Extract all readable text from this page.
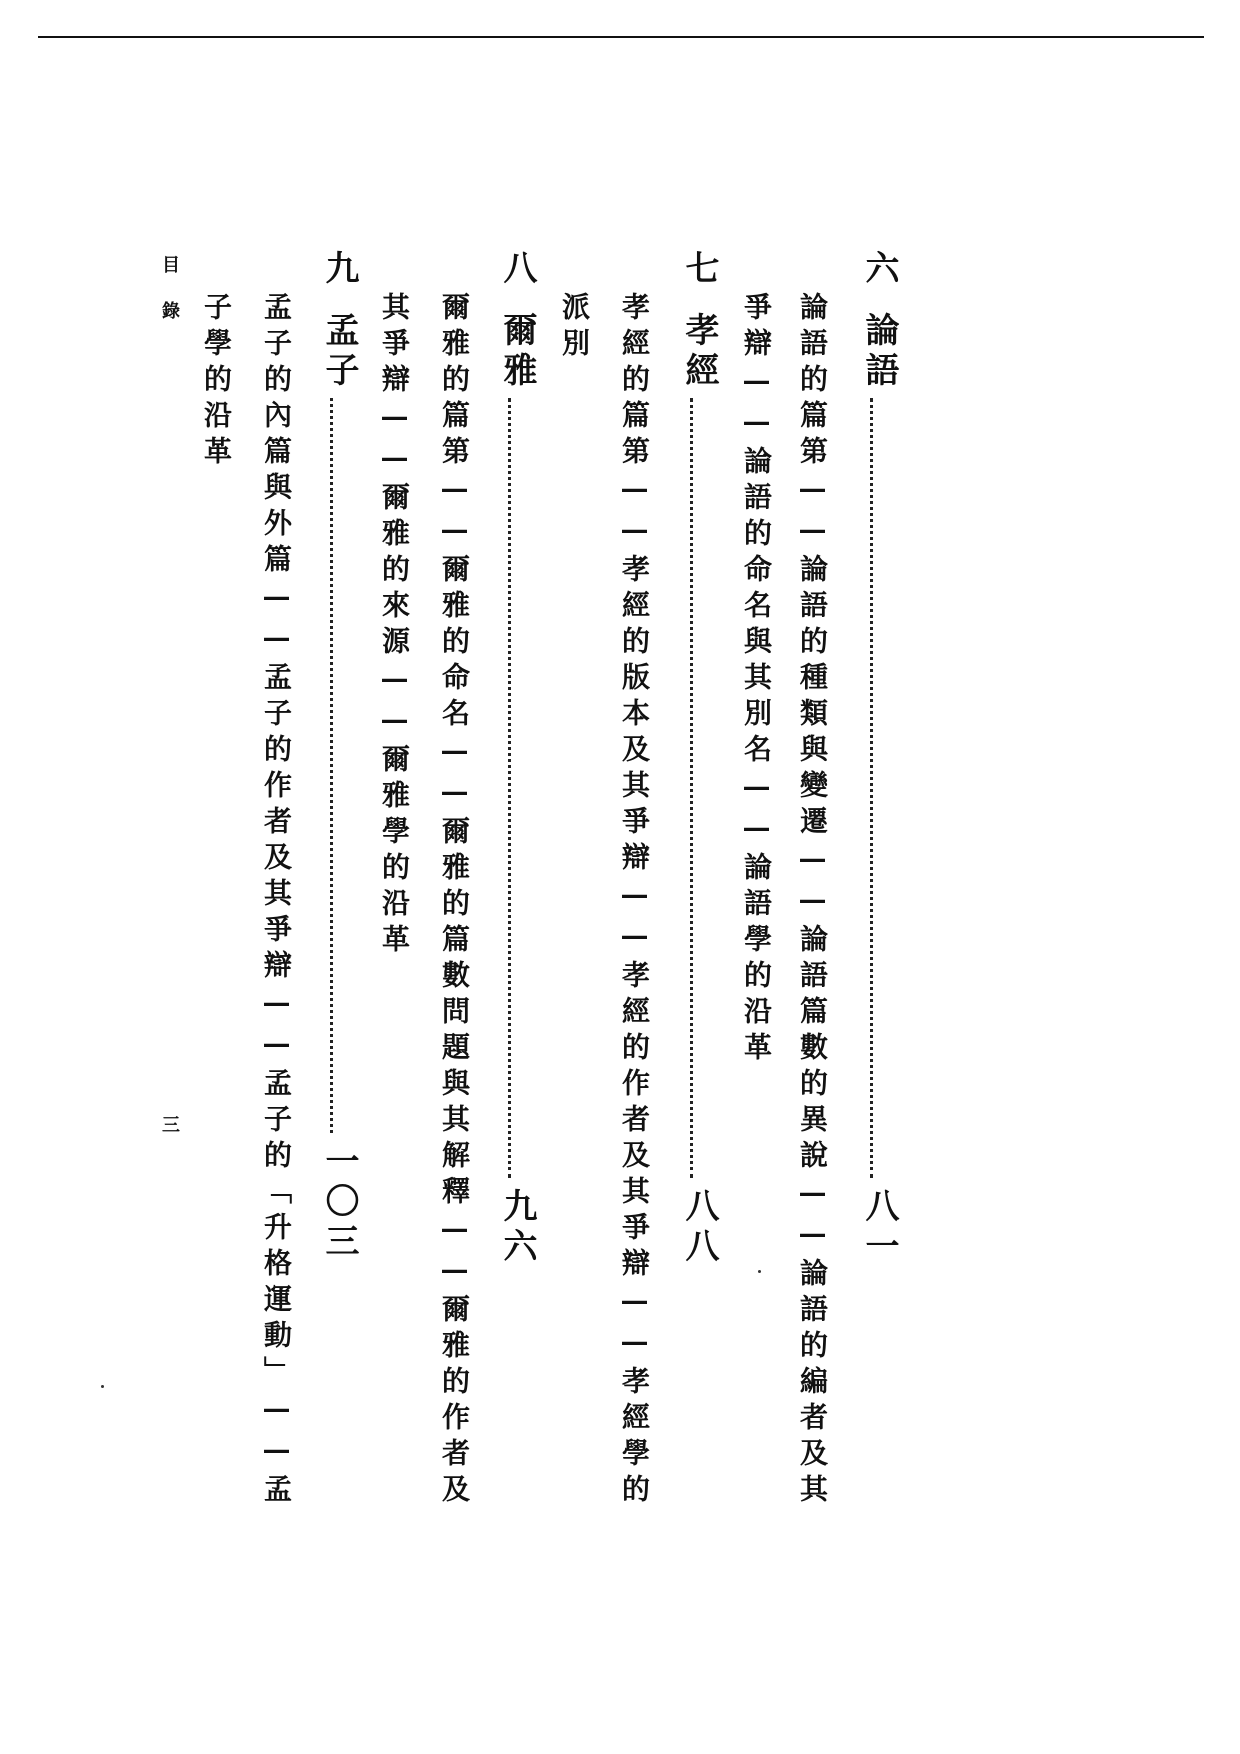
六論語八一
論語的篇第——論語的種類與變遷——論語篇數的異說——論語的編者及其
爭辯——論語的命名與其別名——論語學的沿革
七孝經八八
孝經的篇第——孝經的版本及其爭辯——孝經的作者及其爭辯——孝經學的
派別
八爾雅九六
爾雅的篇第——爾雅的命名——爾雅的篇數問題與其解釋——爾雅的作者及
其爭辯——爾雅的來源——爾雅學的沿革
九孟子一〇三
孟子的內篇與外篇——孟子的作者及其爭辯——孟子的「升格運動」——孟
子學的沿革
目錄
三
